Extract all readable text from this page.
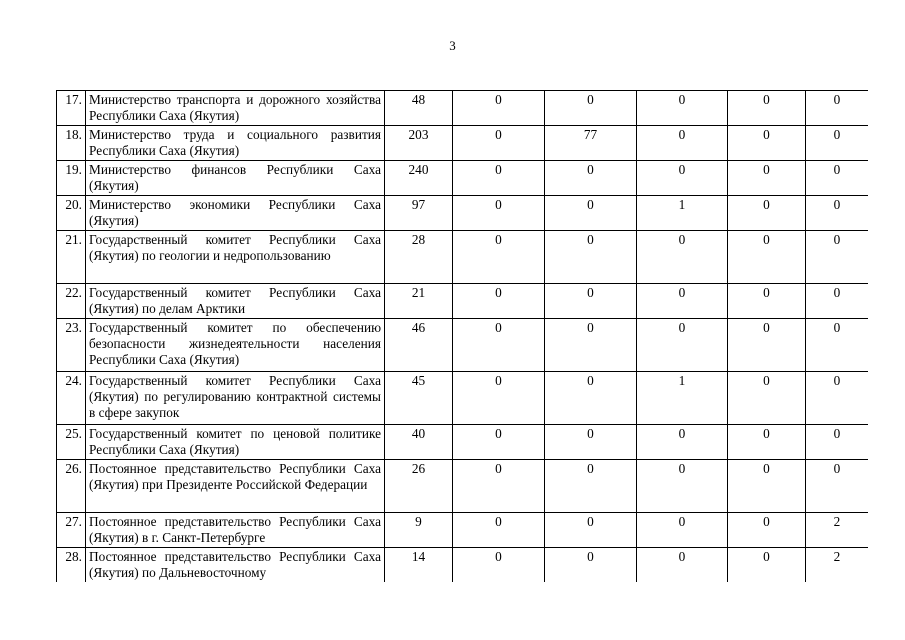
3
17.	Министерство транспорта и дорожного хозяйства Республики Саха (Якутия)	48	0	0	0	0	0
18.	Министерство труда и социального развития Республики Саха (Якутия)	203	0	77	0	0	0
19.	Министерство финансов Республики Саха (Якутия)	240	0	0	0	0	0
20.	Министерство экономики Республики Саха (Якутия)	97	0	0	1	0	0
21.	Государственный комитет Республики Саха (Якутия) по геологии и недропользованию	28	0	0	0	0	0
22.	Государственный комитет Республики Саха (Якутия) по делам Арктики	21	0	0	0	0	0
23.	Государственный комитет по обеспечению безопасности жизнедеятельности населения Республики Саха (Якутия)	46	0	0	0	0	0
24.	Государственный комитет Республики Саха (Якутия) по регулированию контрактной системы в сфере закупок	45	0	0	1	0	0
25.	Государственный комитет по ценовой политике Республики Саха (Якутия)	40	0	0	0	0	0
26.	Постоянное представительство Республики Саха (Якутия) при Президенте Российской Федерации	26	0	0	0	0	0
27.	Постоянное представительство Республики Саха (Якутия) в г. Санкт-Петербурге	9	0	0	0	0	2
28.	Постоянное представительство Республики Саха (Якутия) по Дальневосточному	14	0	0	0	0	2
